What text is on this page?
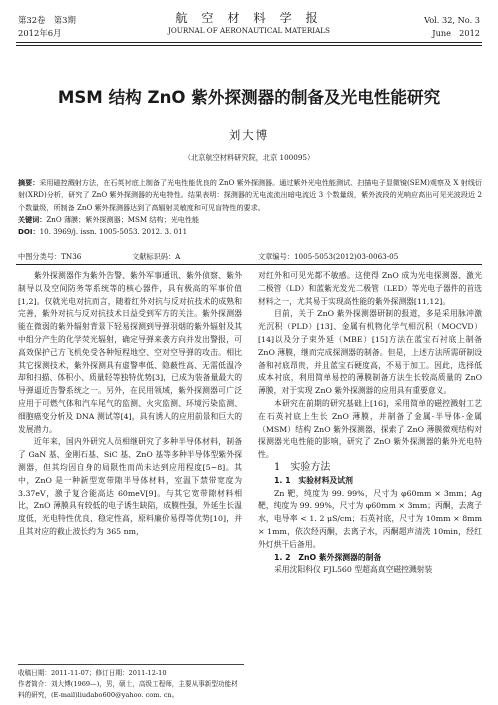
第32卷　第3期
2012年6月
航 空 材 料 学 报
JOURNAL OF AERONAUTICAL MATERIALS
Vol. 32, No. 3
June　2012
MSM 结构 ZnO 紫外探测器的制备及光电性能研究
刘大博
（北京航空材料研究院，北京 100095）
摘要：采用磁控溅射方法，在石英衬底上制备了光电性能优良的 ZnO 紫外探测器。通过紫外光电性能测试、扫描电子显微镜(SEM)观察及 X 射线衍射(XRD)分析，研究了 ZnO 紫外探测器的光电特性。结果表明：探测器的无电流流出暗电流近 3 个数量级，紫外波段的光响应高出可见光波段近 2 个数量级，所制备 ZnO 紫外探测器达到了高辐射灵敏度和可见盲特性的要求。
关键词：ZnO 薄膜；紫外探测器；MSM 结构；光电性能
DOI：10. 3969/j. issn. 1005-5053. 2012. 3. 011
中图分类号：TN36	文献标识码：A	文章编号：1005-5053(2012)03-0063-05

紫外探测器作为紫外告警、紫外军事通讯、紫外侦察、紫外制导以及空间防务等系统等的核心器件，具有极高的军事价值[1,2]。仅就光电对抗而言，随着红外对抗与反对抗技术的成熟和完善，紫外对抗与反对抗技术日益受到军方的关注。紫外探测器能在微弱的紫外辐射背景下轻易探测到导弹羽烟的紫外辐射及其中组分产生的化学荧光辐射，确定导弹来袭方向并发出警报，可高效保护己方飞机免受各种短程地空、空对空导弹的攻击。相比其它探测技术，紫外探测具有虚警率低、隐蔽性高、无需低温冷却和扫描、体积小、质量轻等独特优势[3]，已成为装备量最大的导弹逼近告警系统之一。另外，在民用领域，紫外探测器可广泛应用于可燃气体和汽车尾气的监测、火灾监测、环境污染监测、细胞癌变分析及 DNA 测试等[4]，具有诱人的应用前景和巨大的发展潜力。

近年来，国内外研究人员相继研究了多种半导体材料，制备了 GaN 基、金刚石基、SiC 基、ZnO 基等多种半导体型紫外探测器，但其均因自身的局限性而尚未达到应用程度[5~8]。其中，ZnO 是一种新型宽带隙半导体材料，室温下禁带宽度为 3.37eV，激子复合能高达 60meV[9]。与其它宽带隙材料相比，ZnO 薄膜具有较低的电子诱生缺陷，成膜性强，外延生长温度低，光电特性优良，稳定性高，原料廉价易得等优势[10]，并且其对应的截止波长约为 365 nm，

收稿日期：2011-11-07；修订日期：2011-12-10
作者简介：刘大博(1969—)，男，硕士，高级工程师，主要从事新型功能材料的研究，(E-mail)liudabo600@yahoo. com. cn。

对红外和可见光都不敏感。这使得 ZnO 成为光电探测器、激光二极管（LD）和蓝紫光发光二极管（LED）等光电子器件的首选材料之一，尤其易于实现高性能的紫外探测器[11,12]。

目前，关于 ZnO 紫外探测器研制的报道，多是采用脉冲激光沉积（PLD）[13]、金属有机物化学气相沉积（MOCVD）[14]以及分子束外延（MBE）[15]方法在蓝宝石衬底上制备 ZnO 薄膜，继而完成探测器的制备。但是，上述方法所需研制设备和衬底昂贵，并且蓝宝石硬度高，不易于加工。因此，选择低成本衬底，利用简单易控的薄膜制备方法生长较高质量的 ZnO 薄膜，对于实现 ZnO 紫外探测器的应用具有重要意义。

本研究在前期的研究基础上[16]，采用简单的磁控溅射工艺在石英衬底上生长 ZnO 薄膜，并制备了金属-半导体-金属（MSM）结构 ZnO 紫外探测器，探索了 ZnO 薄膜微观结构对探测器光电性能的影响，研究了 ZnO 紫外探测器的紫外光电特性。

1　实验方法

1. 1　实验材料及试剂

Zn 靶，纯度为 99. 99%，尺寸为 φ60mm × 3mm；Ag 靶，纯度为 99. 99%，尺寸为 φ60mm × 3mm；丙酮，去离子水，电导率 < 1. 2 μS/cm；石英衬底，尺寸为 10mm × 8mm × 1mm，依次经丙酮，去离子水，丙酮超声清洗 10min，经红外灯烘干后备用。

1. 2　ZnO 紫外探测器的制备

采用沈阳科仪 FJL560 型超高真空磁控溅射装
